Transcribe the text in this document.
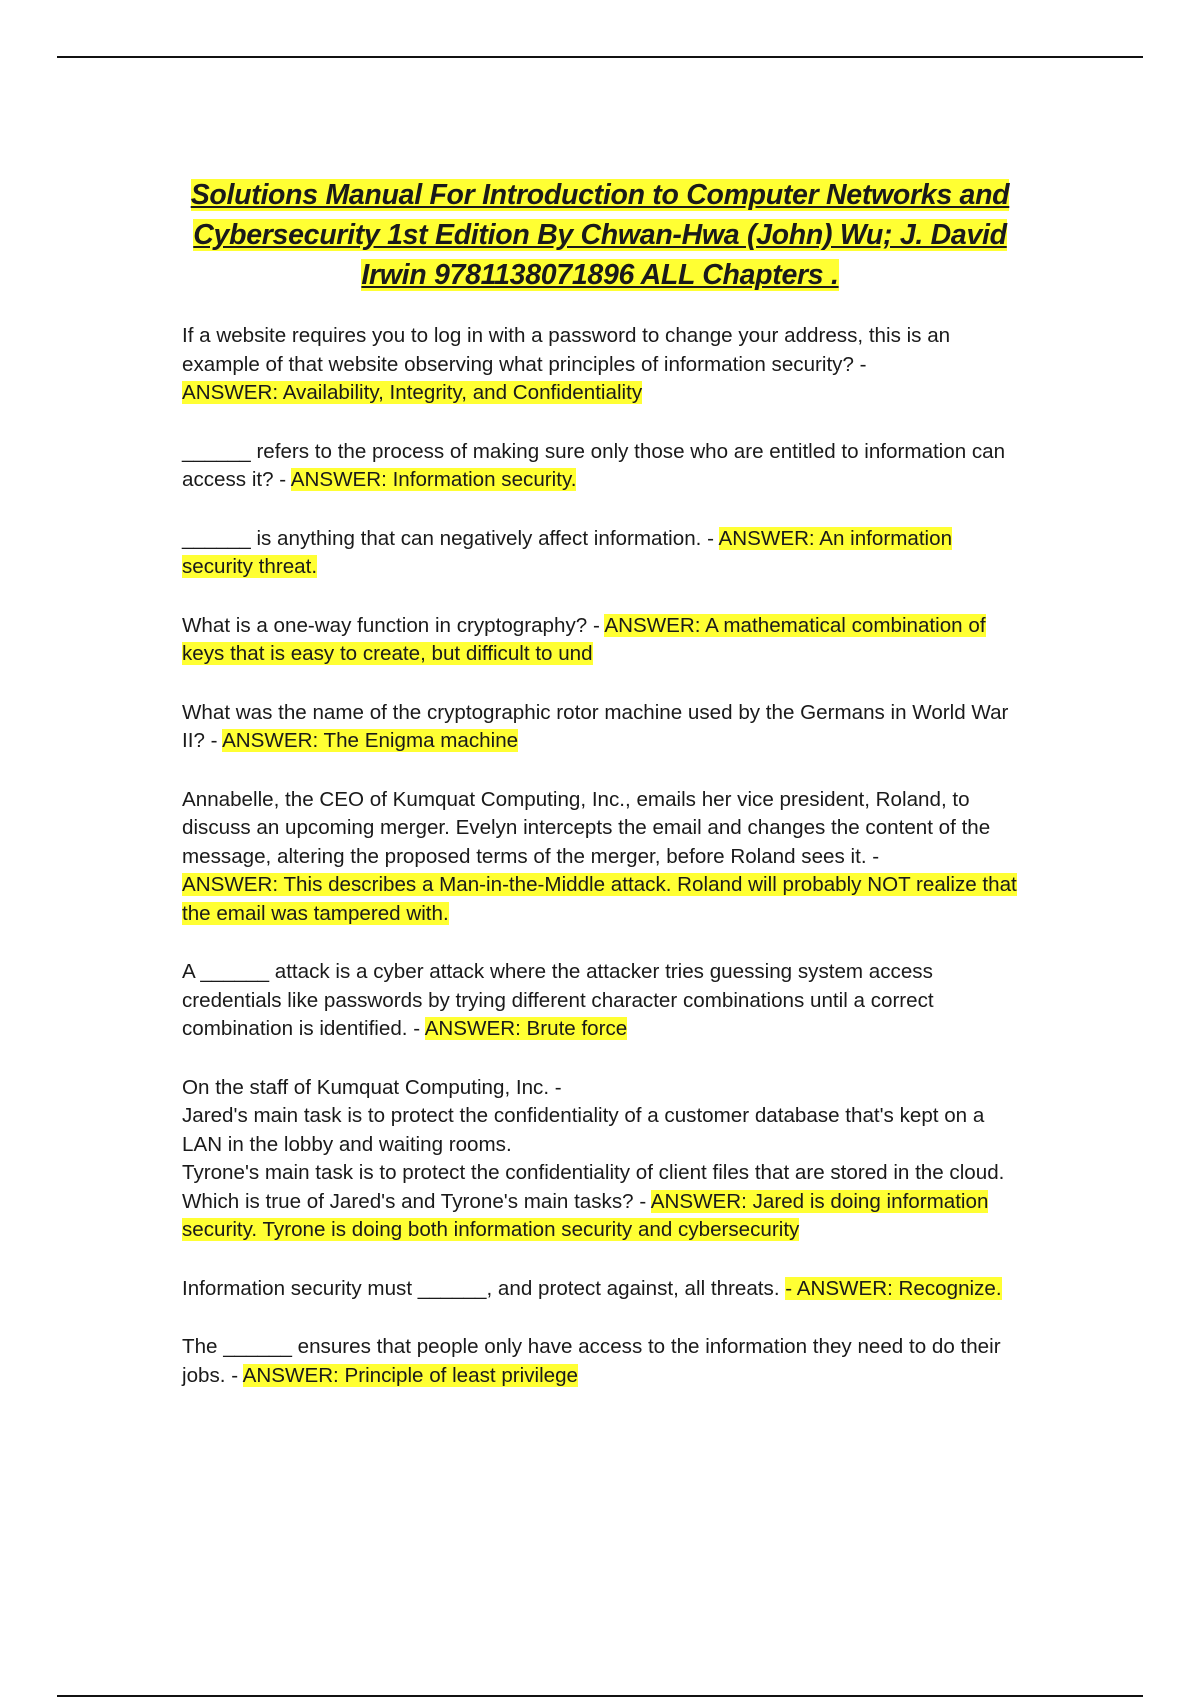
Solutions Manual For Introduction to Computer Networks and Cybersecurity 1st Edition By Chwan-Hwa (John) Wu; J. David Irwin 9781138071896 ALL Chapters .

If a website requires you to log in with a password to change your address, this is an example of that website observing what principles of information security? -
ANSWER: Availability, Integrity, and Confidentiality

______ refers to the process of making sure only those who are entitled to information can access it? - ANSWER: Information security.

______ is anything that can negatively affect information. - ANSWER: An information security threat.

What is a one-way function in cryptography? - ANSWER: A mathematical combination of keys that is easy to create, but difficult to und

What was the name of the cryptographic rotor machine used by the Germans in World War II? - ANSWER: The Enigma machine

Annabelle, the CEO of Kumquat Computing, Inc., emails her vice president, Roland, to discuss an upcoming merger. Evelyn intercepts the email and changes the content of the message, altering the proposed terms of the merger, before Roland sees it. -
ANSWER: This describes a Man-in-the-Middle attack. Roland will probably NOT realize that the email was tampered with.

A ______ attack is a cyber attack where the attacker tries guessing system access credentials like passwords by trying different character combinations until a correct combination is identified. - ANSWER: Brute force

On the staff of Kumquat Computing, Inc. -

Jared's main task is to protect the confidentiality of a customer database that's kept on a LAN in the lobby and waiting rooms.

Tyrone's main task is to protect the confidentiality of client files that are stored in the cloud.

Which is true of Jared's and Tyrone's main tasks? - ANSWER: Jared is doing information security. Tyrone is doing both information security and cybersecurity

Information security must ______, and protect against, all threats. - ANSWER: Recognize.

The ______ ensures that people only have access to the information they need to do their jobs. - ANSWER: Principle of least privilege
